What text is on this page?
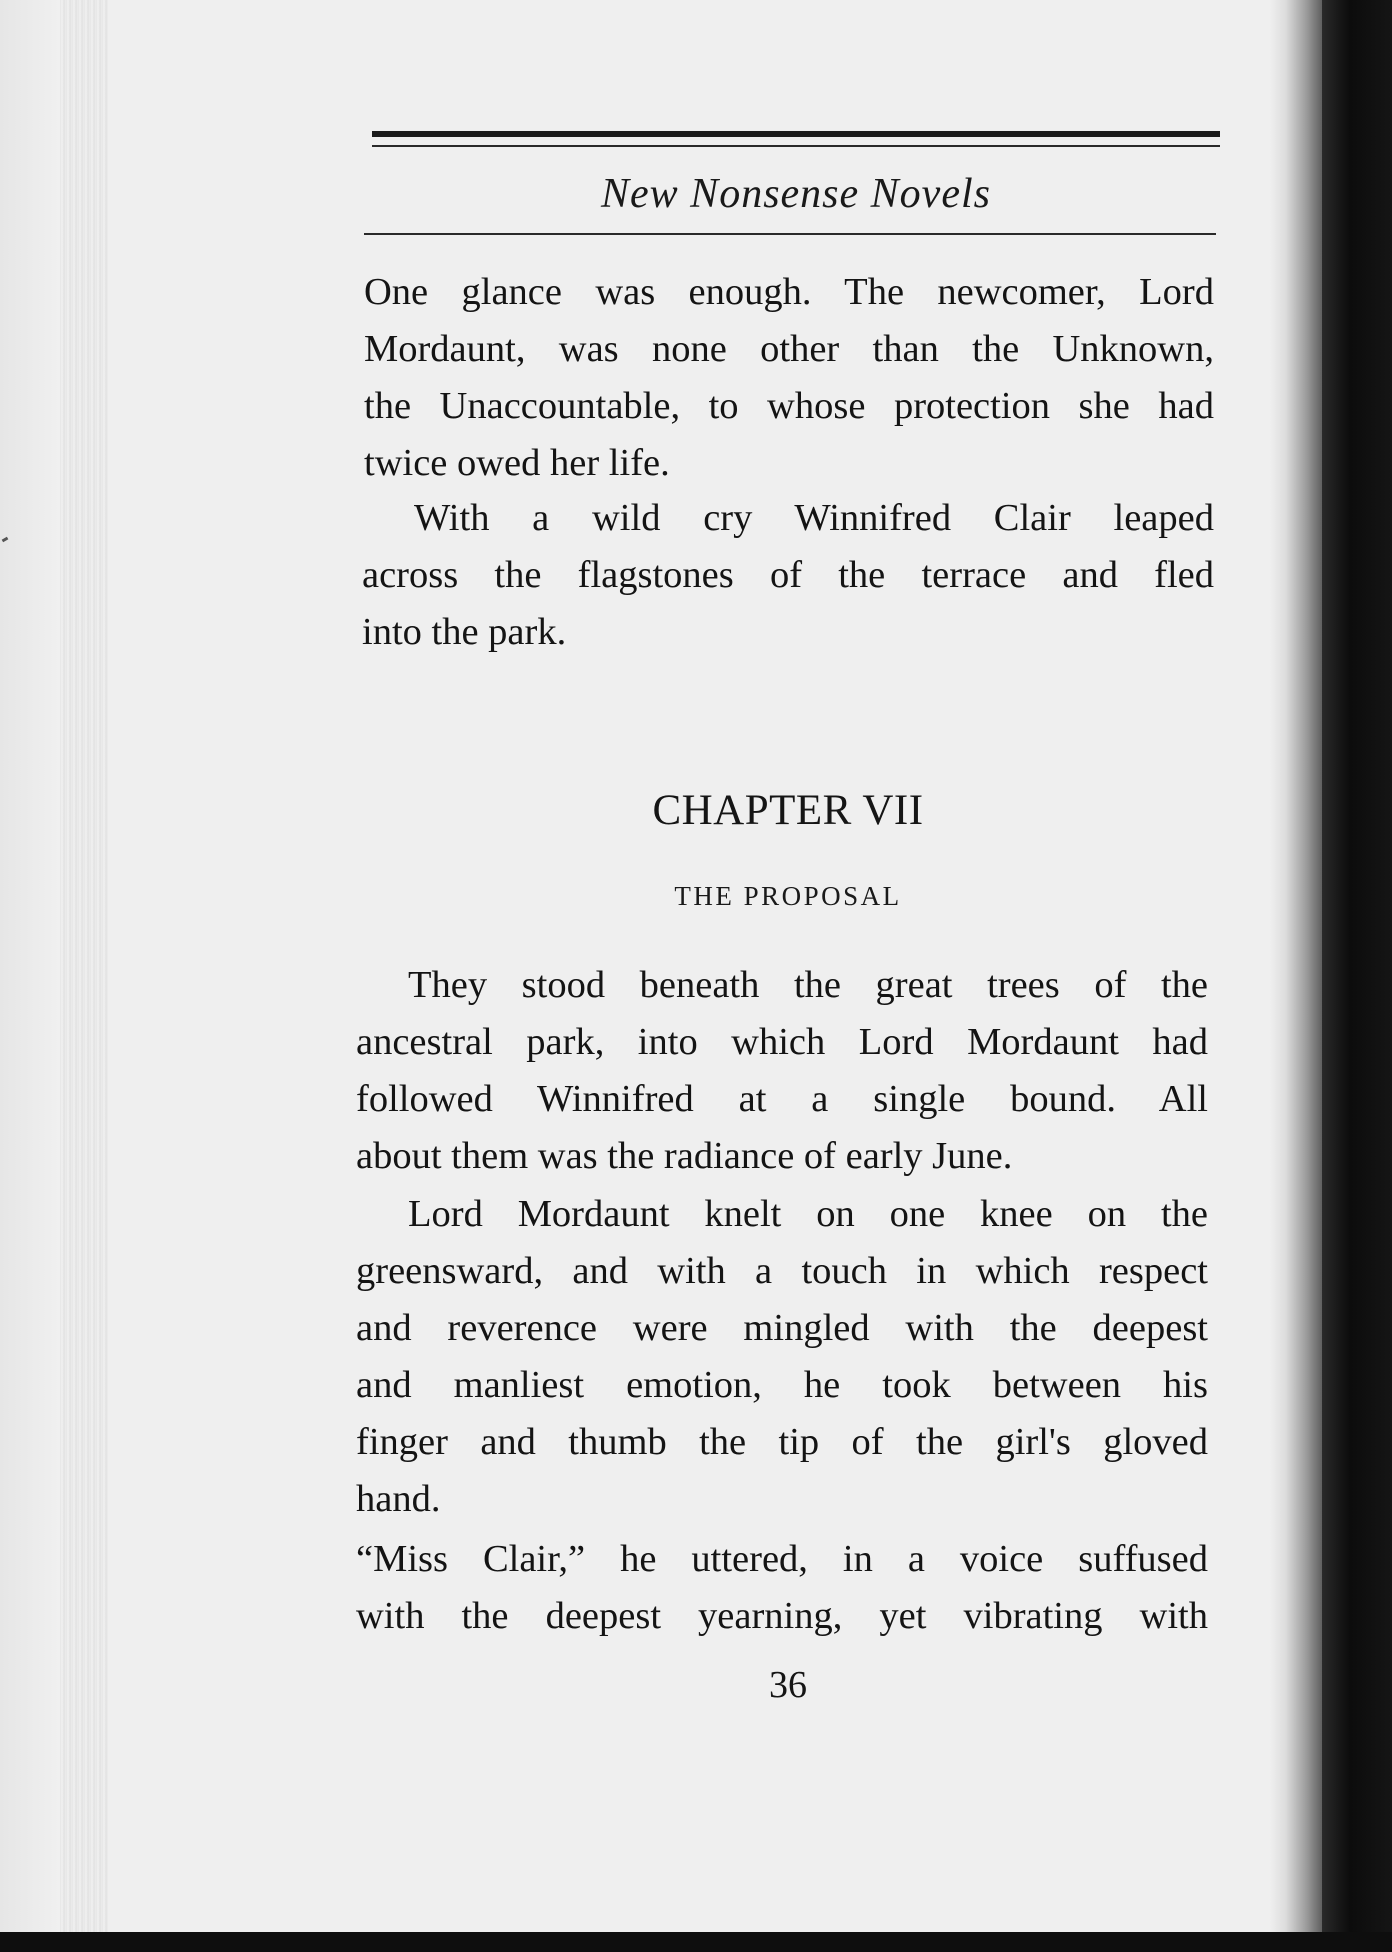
New Nonsense Novels
One glance was enough. The newcomer, Lord
Mordaunt, was none other than the Unknown,
the Unaccountable, to whose protection she had
twice owed her life.
With a wild cry Winnifred Clair leaped
across the flagstones of the terrace and fled
into the park.
CHAPTER VII
THE PROPOSAL
They stood beneath the great trees of the
ancestral park, into which Lord Mordaunt had
followed Winnifred at a single bound. All
about them was the radiance of early June.
Lord Mordaunt knelt on one knee on the
greensward, and with a touch in which respect
and reverence were mingled with the deepest
and manliest emotion, he took between his
finger and thumb the tip of the girl's gloved
hand.
“Miss Clair,” he uttered, in a voice suffused
with the deepest yearning, yet vibrating with
36
